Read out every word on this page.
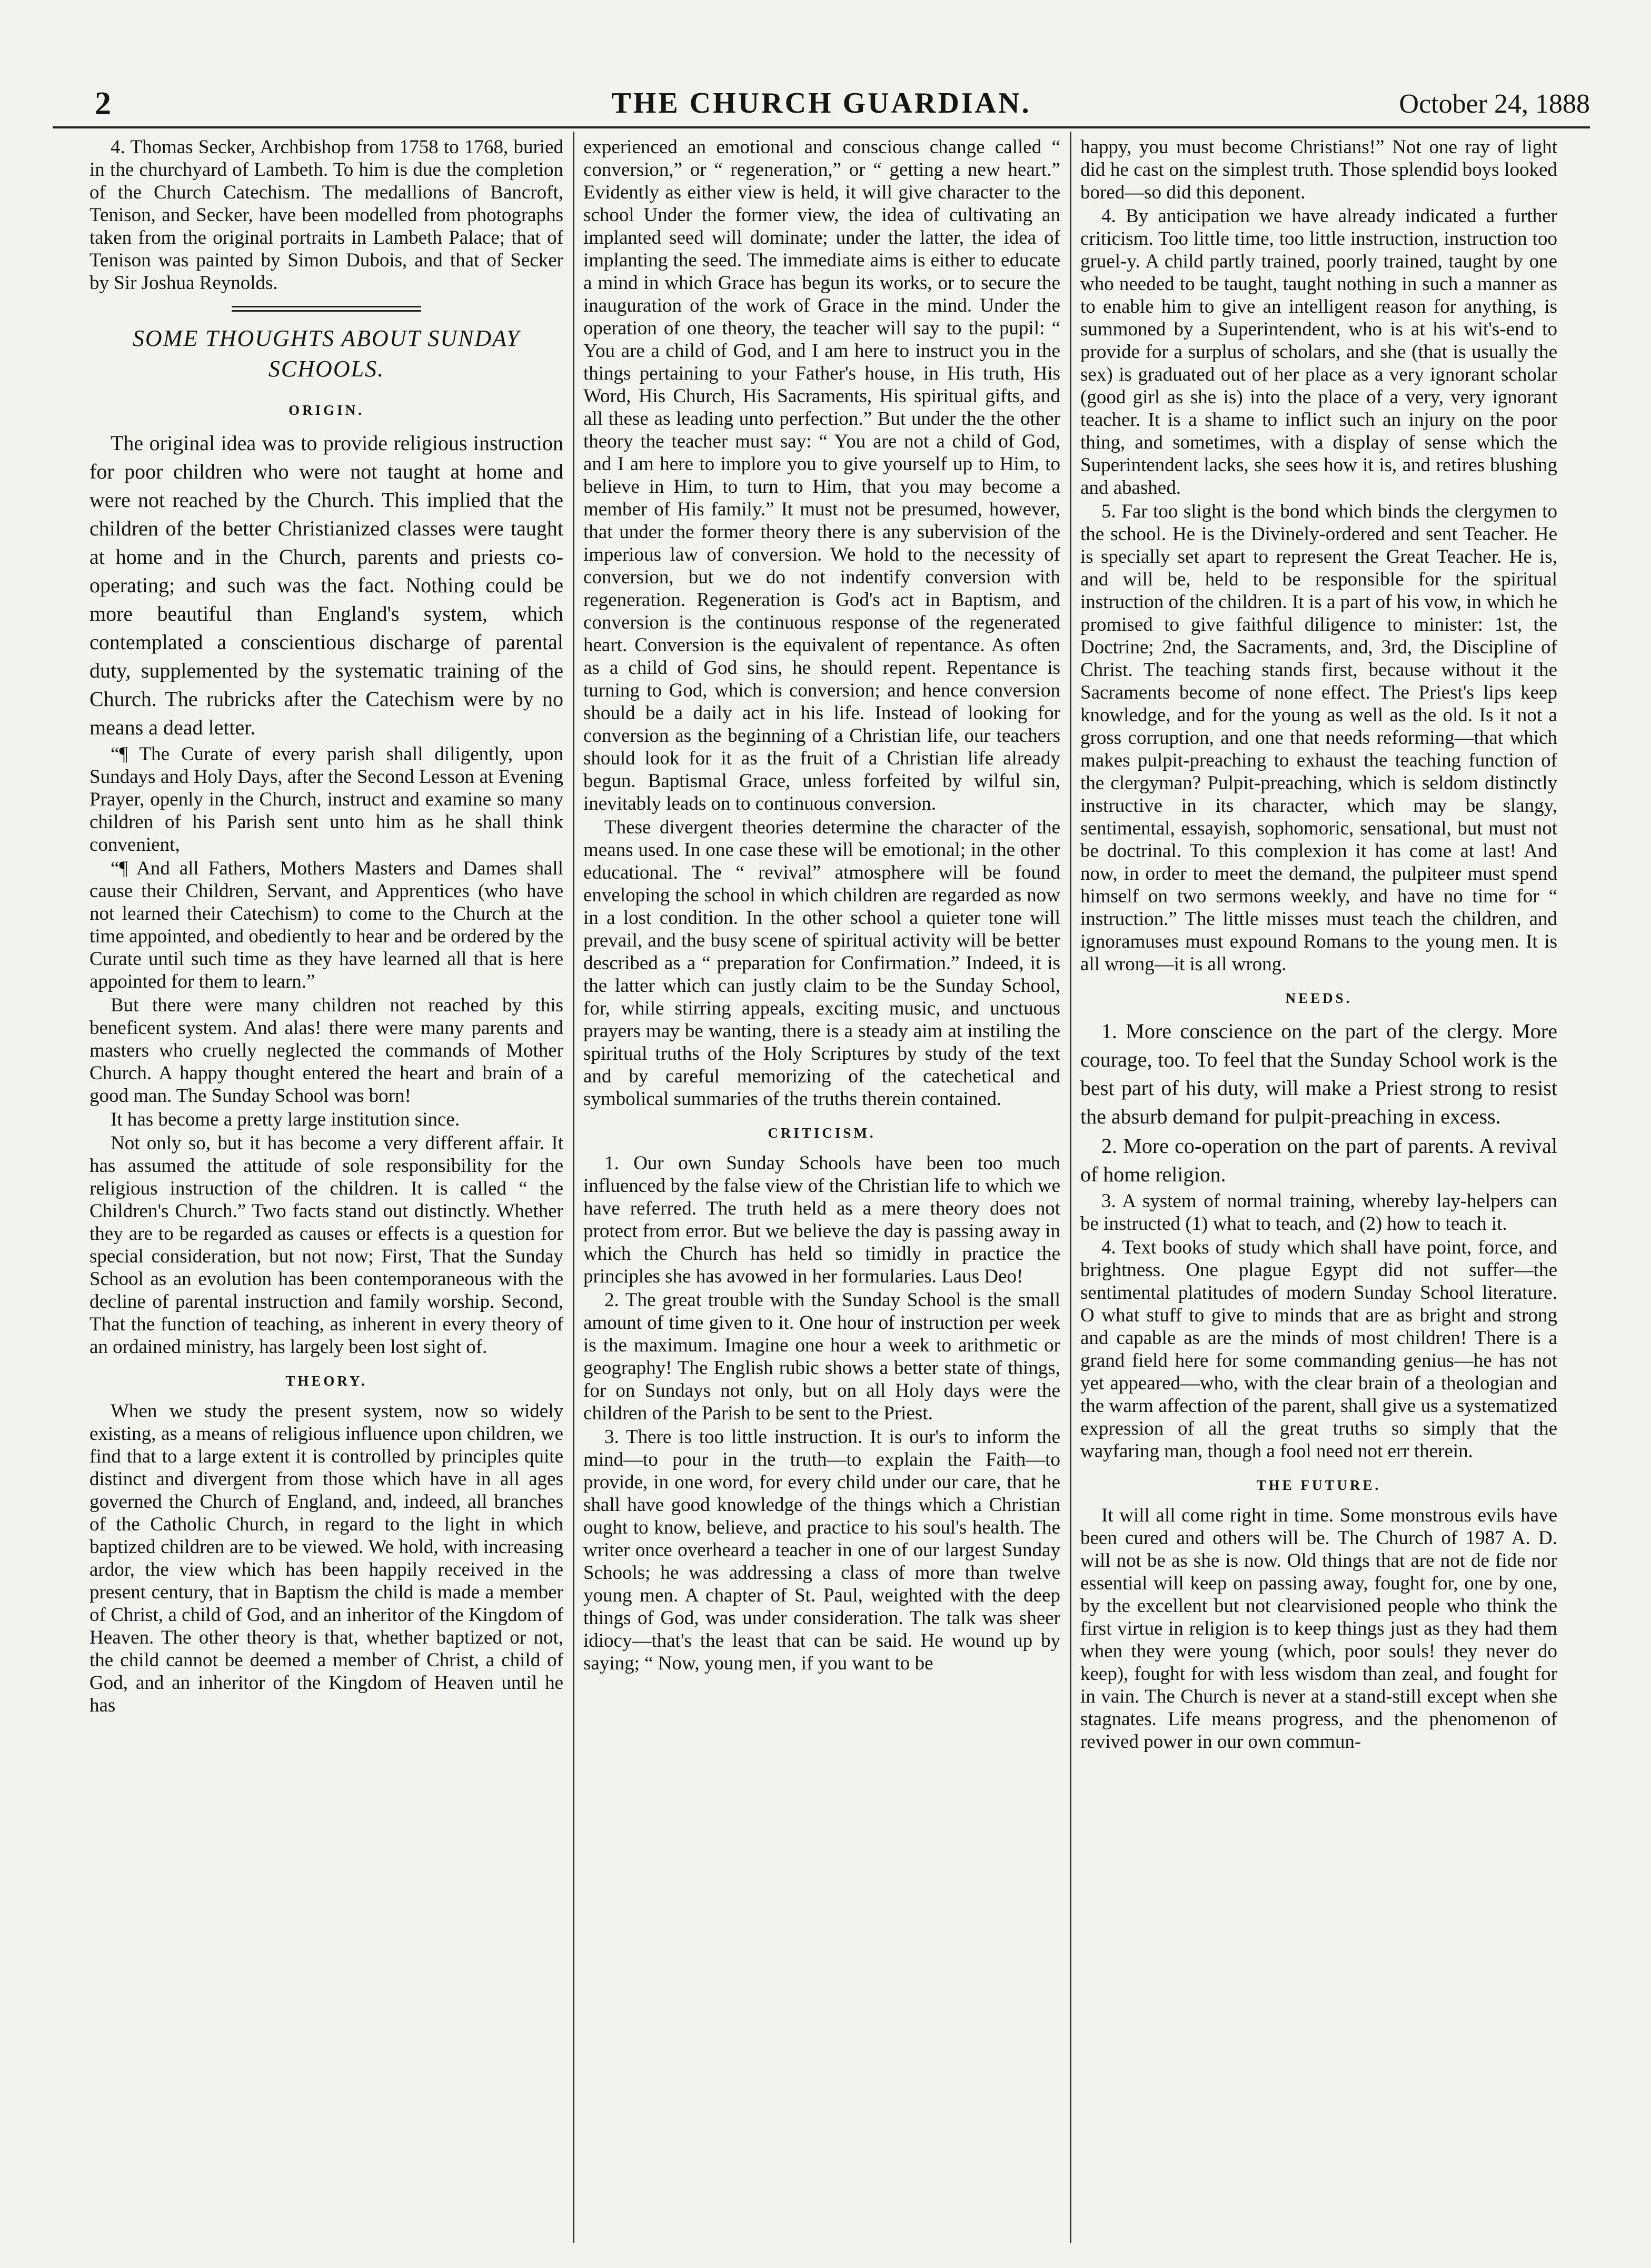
2	THE CHURCH GUARDIAN.	October 24, 1888

4. Thomas Secker, Archbishop from 1758 to 1768, buried in the churchyard of Lambeth. To him is due the completion of the Church Catechism. The medallions of Bancroft, Tenison, and Secker, have been modelled from photographs taken from the original portraits in Lambeth Palace; that of Tenison was painted by Simon Dubois, and that of Secker by Sir Joshua Reynolds.

SOME THOUGHTS ABOUT SUNDAY SCHOOLS.
ORIGIN.

The original idea was to provide religious instruction for poor children who were not taught at home and were not reached by the Church. This implied that the children of the better Christianized classes were taught at home and in the Church, parents and priests co-operating; and such was the fact. Nothing could be more beautiful than England's system, which contemplated a conscientious discharge of parental duty, supplemented by the systematic training of the Church. The rubricks after the Catechism were by no means a dead letter.

“¶ The Curate of every parish shall diligently, upon Sundays and Holy Days, after the Second Lesson at Evening Prayer, openly in the Church, instruct and examine so many children of his Parish sent unto him as he shall think convenient,

“¶ And all Fathers, Mothers Masters and Dames shall cause their Children, Servant, and Apprentices (who have not learned their Catechism) to come to the Church at the time appointed, and obediently to hear and be ordered by the Curate until such time as they have learned all that is here appointed for them to learn.”

But there were many children not reached by this beneficent system. And alas! there were many parents and masters who cruelly neglected the commands of Mother Church. A happy thought entered the heart and brain of a good man. The Sunday School was born!

It has become a pretty large institution since.

Not only so, but it has become a very different affair. It has assumed the attitude of sole responsibility for the religious instruction of the children. It is called “ the Children's Church.” Two facts stand out distinctly. Whether they are to be regarded as causes or effects is a question for special consideration, but not now; First, That the Sunday School as an evolution has been contemporaneous with the decline of parental instruction and family worship. Second, That the function of teaching, as inherent in every theory of an ordained ministry, has largely been lost sight of.

THEORY.

When we study the present system, now so widely existing, as a means of religious influence upon children, we find that to a large extent it is controlled by principles quite distinct and divergent from those which have in all ages governed the Church of England, and, indeed, all branches of the Catholic Church, in regard to the light in which baptized children are to be viewed. We hold, with increasing ardor, the view which has been happily received in the present century, that in Baptism the child is made a member of Christ, a child of God, and an inheritor of the Kingdom of Heaven. The other theory is that, whether baptized or not, the child cannot be deemed a member of Christ, a child of God, and an inheritor of the Kingdom of Heaven until he has

experienced an emotional and conscious change called “ conversion,” or “ regeneration,” or “ getting a new heart.” Evidently as either view is held, it will give character to the school Under the former view, the idea of cultivating an implanted seed will dominate; under the latter, the idea of implanting the seed. The immediate aims is either to educate a mind in which Grace has begun its works, or to secure the inauguration of the work of Grace in the mind. Under the operation of one theory, the teacher will say to the pupil: “ You are a child of God, and I am here to instruct you in the things pertaining to your Father's house, in His truth, His Word, His Church, His Sacraments, His spiritual gifts, and all these as leading unto perfection.” But under the the other theory the teacher must say: “ You are not a child of God, and I am here to implore you to give yourself up to Him, to believe in Him, to turn to Him, that you may become a member of His family.” It must not be presumed, however, that under the former theory there is any subervision of the imperious law of conversion. We hold to the necessity of conversion, but we do not indentify conversion with regeneration. Regeneration is God's act in Baptism, and conversion is the continuous response of the regenerated heart. Conversion is the equivalent of repentance. As often as a child of God sins, he should repent. Repentance is turning to God, which is conversion; and hence conversion should be a daily act in his life. Instead of looking for conversion as the beginning of a Christian life, our teachers should look for it as the fruit of a Christian life already begun. Baptismal Grace, unless forfeited by wilful sin, inevitably leads on to continuous conversion.

These divergent theories determine the character of the means used. In one case these will be emotional; in the other educational. The “ revival” atmosphere will be found enveloping the school in which children are regarded as now in a lost condition. In the other school a quieter tone will prevail, and the busy scene of spiritual activity will be better described as a “ preparation for Confirmation.” Indeed, it is the latter which can justly claim to be the Sunday School, for, while stirring appeals, exciting music, and unctuous prayers may be wanting, there is a steady aim at instiling the spiritual truths of the Holy Scriptures by study of the text and by careful memorizing of the catechetical and symbolical summaries of the truths therein contained.

CRITICISM.

1. Our own Sunday Schools have been too much influenced by the false view of the Christian life to which we have referred. The truth held as a mere theory does not protect from error. But we believe the day is passing away in which the Church has held so timidly in practice the principles she has avowed in her formularies. Laus Deo!

2. The great trouble with the Sunday School is the small amount of time given to it. One hour of instruction per week is the maximum. Imagine one hour a week to arithmetic or geography! The English rubic shows a better state of things, for on Sundays not only, but on all Holy days were the children of the Parish to be sent to the Priest.

3. There is too little instruction. It is our's to inform the mind—to pour in the truth—to explain the Faith—to provide, in one word, for every child under our care, that he shall have good knowledge of the things which a Christian ought to know, believe, and practice to his soul's health. The writer once overheard a teacher in one of our largest Sunday Schools; he was addressing a class of more than twelve young men. A chapter of St. Paul, weighted with the deep things of God, was under consideration. The talk was sheer idiocy—that's the least that can be said. He wound up by saying; “ Now, young men, if you want to be

happy, you must become Christians!” Not one ray of light did he cast on the simplest truth. Those splendid boys looked bored—so did this deponent.

4. By anticipation we have already indicated a further criticism. Too little time, too little instruction, instruction too gruel-y. A child partly trained, poorly trained, taught by one who needed to be taught, taught nothing in such a manner as to enable him to give an intelligent reason for anything, is summoned by a Superintendent, who is at his wit's-end to provide for a surplus of scholars, and she (that is usually the sex) is graduated out of her place as a very ignorant scholar (good girl as she is) into the place of a very, very ignorant teacher. It is a shame to inflict such an injury on the poor thing, and sometimes, with a display of sense which the Superintendent lacks, she sees how it is, and retires blushing and abashed.

5. Far too slight is the bond which binds the clergymen to the school. He is the Divinely-ordered and sent Teacher. He is specially set apart to represent the Great Teacher. He is, and will be, held to be responsible for the spiritual instruction of the children. It is a part of his vow, in which he promised to give faithful diligence to minister: 1st, the Doctrine; 2nd, the Sacraments, and, 3rd, the Discipline of Christ. The teaching stands first, because without it the Sacraments become of none effect. The Priest's lips keep knowledge, and for the young as well as the old. Is it not a gross corruption, and one that needs reforming—that which makes pulpit-preaching to exhaust the teaching function of the clergyman? Pulpit-preaching, which is seldom distinctly instructive in its character, which may be slangy, sentimental, essayish, sophomoric, sensational, but must not be doctrinal. To this complexion it has come at last! And now, in order to meet the demand, the pulpiteer must spend himself on two sermons weekly, and have no time for “ instruction.” The little misses must teach the children, and ignoramuses must expound Romans to the young men. It is all wrong—it is all wrong.

NEEDS.

1. More conscience on the part of the clergy. More courage, too. To feel that the Sunday School work is the best part of his duty, will make a Priest strong to resist the absurb demand for pulpit-preaching in excess.

2. More co-operation on the part of parents. A revival of home religion.

3. A system of normal training, whereby lay-helpers can be instructed (1) what to teach, and (2) how to teach it.

4. Text books of study which shall have point, force, and brightness. One plague Egypt did not suffer—the sentimental platitudes of modern Sunday School literature. O what stuff to give to minds that are as bright and strong and capable as are the minds of most children! There is a grand field here for some commanding genius—he has not yet appeared—who, with the clear brain of a theologian and the warm affection of the parent, shall give us a systematized expression of all the great truths so simply that the wayfaring man, though a fool need not err therein.

THE FUTURE.

It will all come right in time. Some monstrous evils have been cured and others will be. The Church of 1987 A. D. will not be as she is now. Old things that are not de fide nor essential will keep on passing away, fought for, one by one, by the excellent but not clearvisioned people who think the first virtue in religion is to keep things just as they had them when they were young (which, poor souls! they never do keep), fought for with less wisdom than zeal, and fought for in vain. The Church is never at a stand-still except when she stagnates. Life means progress, and the phenomenon of revived power in our own commun-
